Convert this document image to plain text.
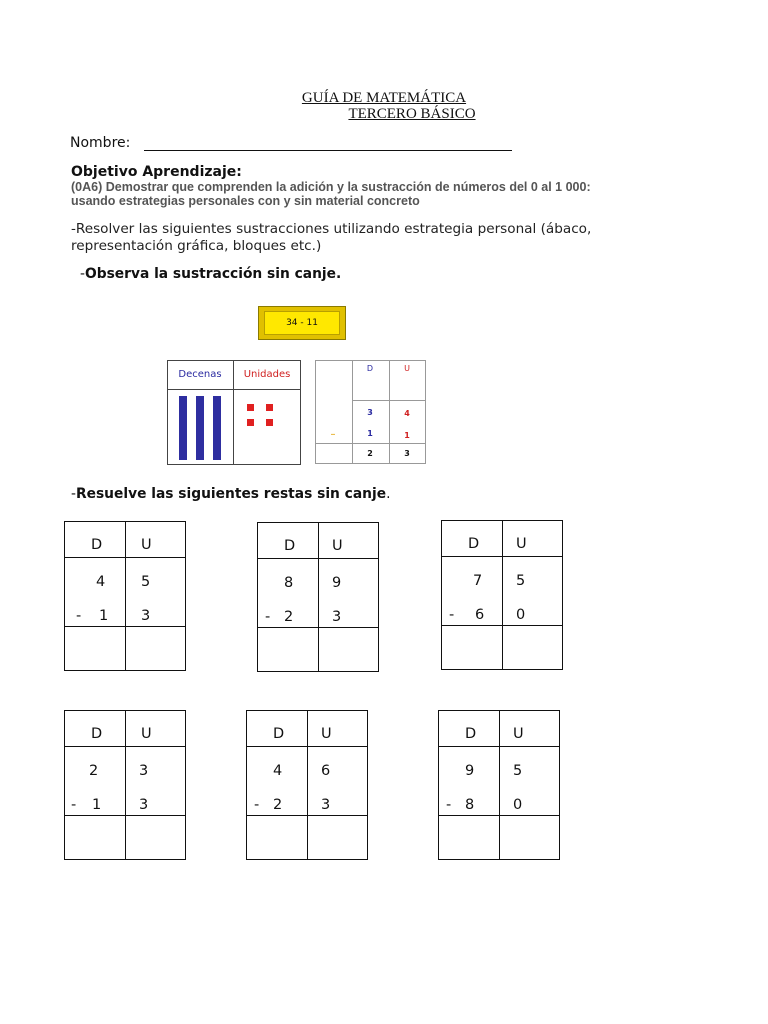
GUÍA DE MATEMÁTICA
TERCERO BÁSICO
Nombre:
Objetivo Aprendizaje:
(0A6) Demostrar que comprenden la adición y la sustracción de números del 0 al 1 000:
usando estrategias personales con y sin material concreto
-Resolver las siguientes sustracciones utilizando estrategia personal (ábaco,
representación gráfica, bloques etc.)
-Observa la sustracción sin canje.
34 - 11
Decenas	Unidades
D	U
3	4
_	1	1
2	3
-Resuelve las siguientes restas sin canje.
D	U
4 5
- 1 3
D	U
8	9
- 2	3
D	U
7 5
- 6 0
D	U
2	3
- 1	3
D	U
4	6
- 2	3
D	U
9	5
- 8	0
